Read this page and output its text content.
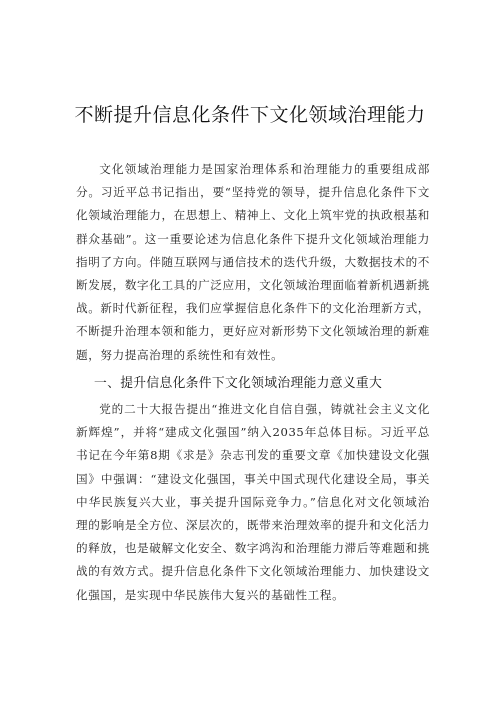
不断提升信息化条件下文化领域治理能力

文化领域治理能力是国家治理体系和治理能力的重要组成部分。习近平总书记指出，要“坚持党的领导，提升信息化条件下文化领域治理能力，在思想上、精神上、文化上筑牢党的执政根基和群众基础”。这一重要论述为信息化条件下提升文化领域治理能力指明了方向。伴随互联网与通信技术的迭代升级，大数据技术的不断发展，数字化工具的广泛应用，文化领域治理面临着新机遇新挑战。新时代新征程，我们应掌握信息化条件下的文化治理新方式，不断提升治理本领和能力，更好应对新形势下文化领域治理的新难题，努力提高治理的系统性和有效性。

一、提升信息化条件下文化领域治理能力意义重大

党的二十大报告提出“推进文化自信自强，铸就社会主义文化新辉煌”，并将“建成文化强国”纳入2035年总体目标。习近平总书记在今年第8期《求是》杂志刊发的重要文章《加快建设文化强国》中强调：“建设文化强国，事关中国式现代化建设全局，事关中华民族复兴大业，事关提升国际竞争力。”信息化对文化领域治理的影响是全方位、深层次的，既带来治理效率的提升和文化活力的释放，也是破解文化安全、数字鸿沟和治理能力滞后等难题和挑战的有效方式。提升信息化条件下文化领域治理能力、加快建设文化强国，是实现中华民族伟大复兴的基础性工程。
